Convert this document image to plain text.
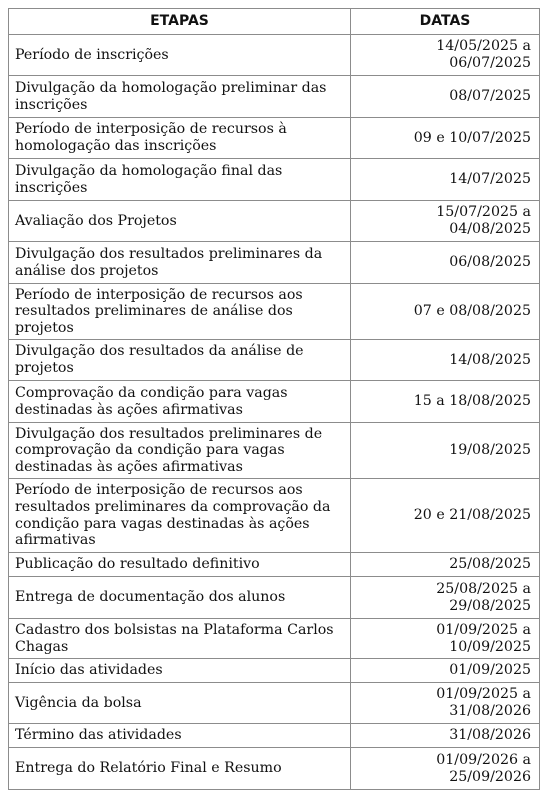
ETAPAS	DATAS

Período de inscrições	14/05/2025 a
06/07/2025

Divulgação da homologação preliminar das
inscrições	08/07/2025

Período de interposição de recursos à
homologação das inscrições	09 e 10/07/2025

Divulgação da homologação final das
inscrições	14/07/2025

Avaliação dos Projetos	15/07/2025 a
04/08/2025

Divulgação dos resultados preliminares da
análise dos projetos	06/08/2025

Período de interposição de recursos aos
resultados preliminares de análise dos
projetos	07 e 08/08/2025

Divulgação dos resultados da análise de
projetos	14/08/2025

Comprovação da condição para vagas
destinadas às ações afirmativas	15 a 18/08/2025

Divulgação dos resultados preliminares de
comprovação da condição para vagas
destinadas às ações afirmativas	19/08/2025

Período de interposição de recursos aos
resultados preliminares da comprovação da
condição para vagas destinadas às ações
afirmativas	20 e 21/08/2025

Publicação do resultado definitivo	25/08/2025

Entrega de documentação dos alunos	25/08/2025 a
29/08/2025

Cadastro dos bolsistas na Plataforma Carlos
Chagas	01/09/2025 a
10/09/2025

Início das atividades	01/09/2025

Vigência da bolsa	01/09/2025 a
31/08/2026

Término das atividades	31/08/2026

Entrega do Relatório Final e Resumo	01/09/2026 a
25/09/2026
